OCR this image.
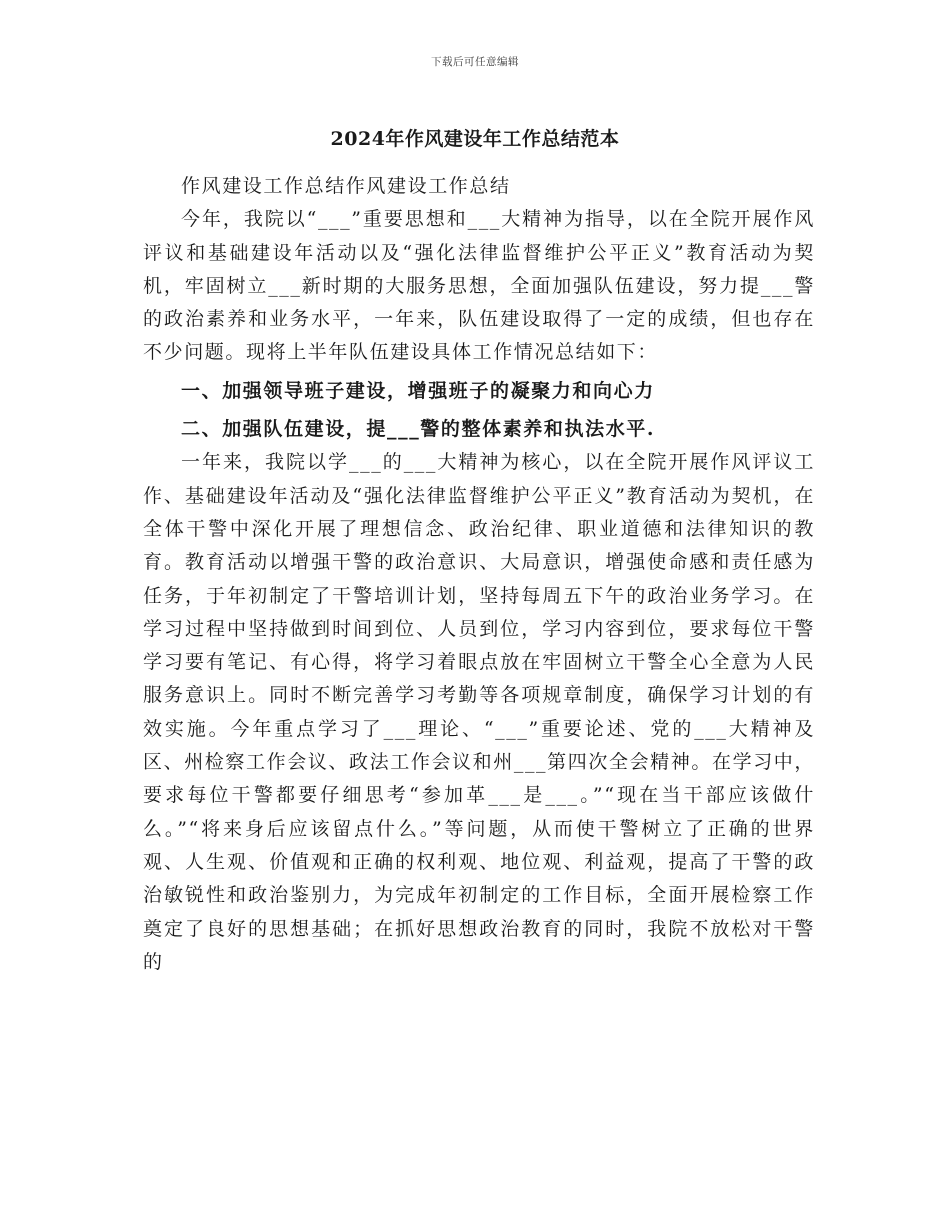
下载后可任意编辑
2024年作风建设年工作总结范本

作风建设工作总结作风建设工作总结

今年，我院以“___”重要思想和___大精神为指导，以在全院开展作风评议和基础建设年活动以及“强化法律监督维护公平正义”教育活动为契机，牢固树立___新时期的大服务思想，全面加强队伍建设，努力提___警的政治素养和业务水平，一年来，队伍建设取得了一定的成绩，但也存在不少问题。现将上半年队伍建设具体工作情况总结如下：

一、加强领导班子建设，增强班子的凝聚力和向心力

二、加强队伍建设，提___警的整体素养和执法水平.

一年来，我院以学___的___大精神为核心，以在全院开展作风评议工作、基础建设年活动及“强化法律监督维护公平正义”教育活动为契机，在全体干警中深化开展了理想信念、政治纪律、职业道德和法律知识的教育。教育活动以增强干警的政治意识、大局意识，增强使命感和责任感为任务，于年初制定了干警培训计划，坚持每周五下午的政治业务学习。在学习过程中坚持做到时间到位、人员到位，学习内容到位，要求每位干警学习要有笔记、有心得，将学习着眼点放在牢固树立干警全心全意为人民服务意识上。同时不断完善学习考勤等各项规章制度，确保学习计划的有效实施。今年重点学习了___理论、“___”重要论述、党的___大精神及区、州检察工作会议、政法工作会议和州___第四次全会精神。在学习中，要求每位干警都要仔细思考“参加革___是___。”“现在当干部应该做什么。”“将来身后应该留点什么。”等问题，从而使干警树立了正确的世界观、人生观、价值观和正确的权利观、地位观、利益观，提高了干警的政治敏锐性和政治鉴别力，为完成年初制定的工作目标，全面开展检察工作奠定了良好的思想基础；在抓好思想政治教育的同时，我院不放松对干警的
